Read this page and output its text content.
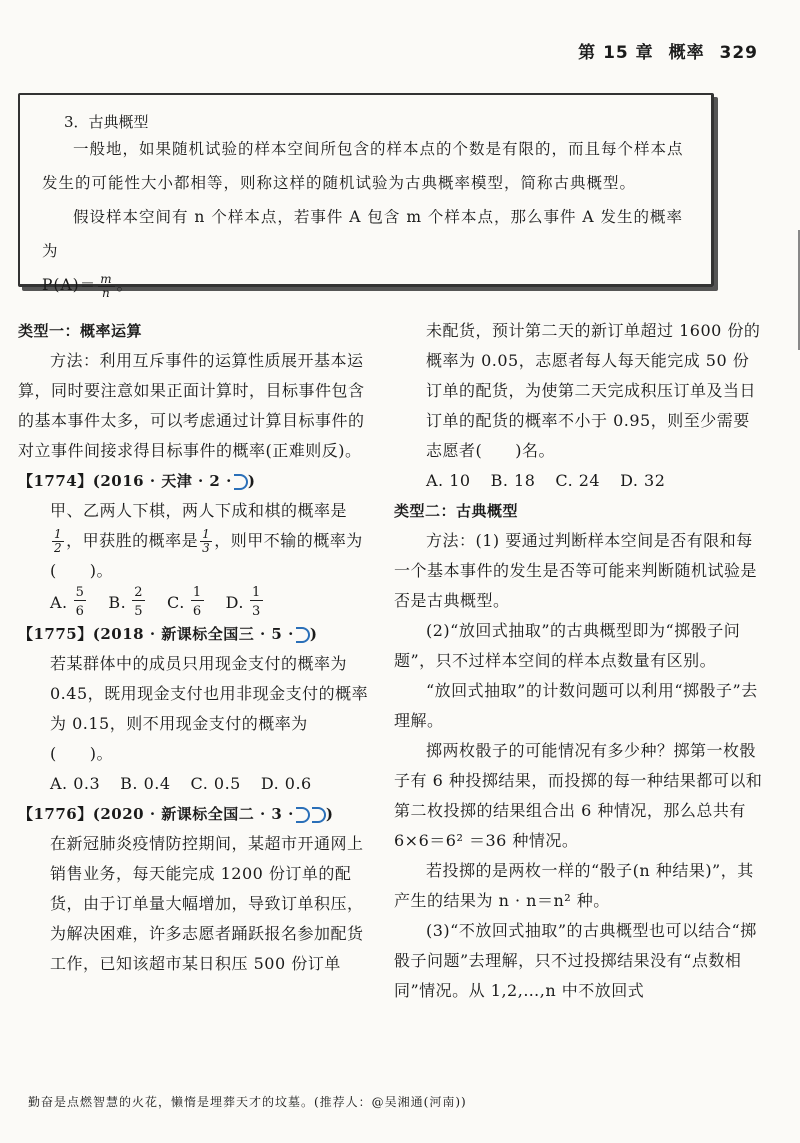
第 15 章 概率 329
3．古典概型

一般地，如果随机试验的样本空间所包含的样本点的个数是有限的，而且每个样本点发生的可能性大小都相等，则称这样的随机试验为古典概率模型，简称古典概型。

假设样本空间有 n 个样本点，若事件 A 包含 m 个样本点，那么事件 A 发生的概率为

$P(A)= \frac{m}{n}$ 。

类型一：概率运算

方法：利用互斥事件的运算性质展开基本运算，同时要注意如果正面计算时，目标事件包含的基本事件太多，可以考虑通过计算目标事件的对立事件间接求得目标事件的概率(正难则反)。

【1774】(2016 · 天津 · 2 · )

甲、乙两人下棋，两人下成和棋的概率是

$\frac{1}{2}$ ，甲获胜的概率是 $\frac{1}{3}$ ，则甲不输的概率为
(　　)。

A. $\frac{5}{6} B$. $\frac{2}{5} C$. $\frac{1}{6} D$. $\frac{1}{3}$

【1775】(2018 · 新课标全国三 · 5 · )

若某群体中的成员只用现金支付的概率为 0.45，既用现金支付也用非现金支付的概率为 0.15，则不用现金支付的概率为
(　　)。

A. 0.3 B. 0.4 C. 0.5 D. 0.6

【1776】(2020 · 新课标全国二 · 3 · )

在新冠肺炎疫情防控期间，某超市开通网上销售业务，每天能完成 1200 份订单的配货，由于订单量大幅增加，导致订单积压，为解决困难，许多志愿者踊跃报名参加配货工作，已知该超市某日积压 500 份订单

未配货，预计第二天的新订单超过 1600 份的概率为 0.05，志愿者每人每天能完成 50 份订单的配货，为使第二天完成积压订单及当日订单的配货的概率不小于 0.95，则至少需要志愿者(　　)名。

A. 10 B. 18 C. 24 D. 32

类型二：古典概型

方法：(1) 要通过判断样本空间是否有限和每一个基本事件的发生是否等可能来判断随机试验是否是古典概型。

(2)“放回式抽取”的古典概型即为“掷骰子问题”，只不过样本空间的样本点数量有区别。

“放回式抽取”的计数问题可以利用“掷骰子”去理解。

掷两枚骰子的可能情况有多少种？掷第一枚骰子有 6 种投掷结果，而投掷的每一种结果都可以和第二枚投掷的结果组合出 6 种情况，那么总共有 6×6＝6² ＝36 种情况。

若投掷的是两枚一样的“骰子(n 种结果)”，其产生的结果为 n · n＝n² 种。

(3)“不放回式抽取”的古典概型也可以结合“掷骰子问题”去理解，只不过投掷结果没有“点数相同”情况。从 1,2,…,n 中不放回式

勤奋是点燃智慧的火花，懒惰是埋葬天才的坟墓。(推荐人：@吴湘通(河南))
